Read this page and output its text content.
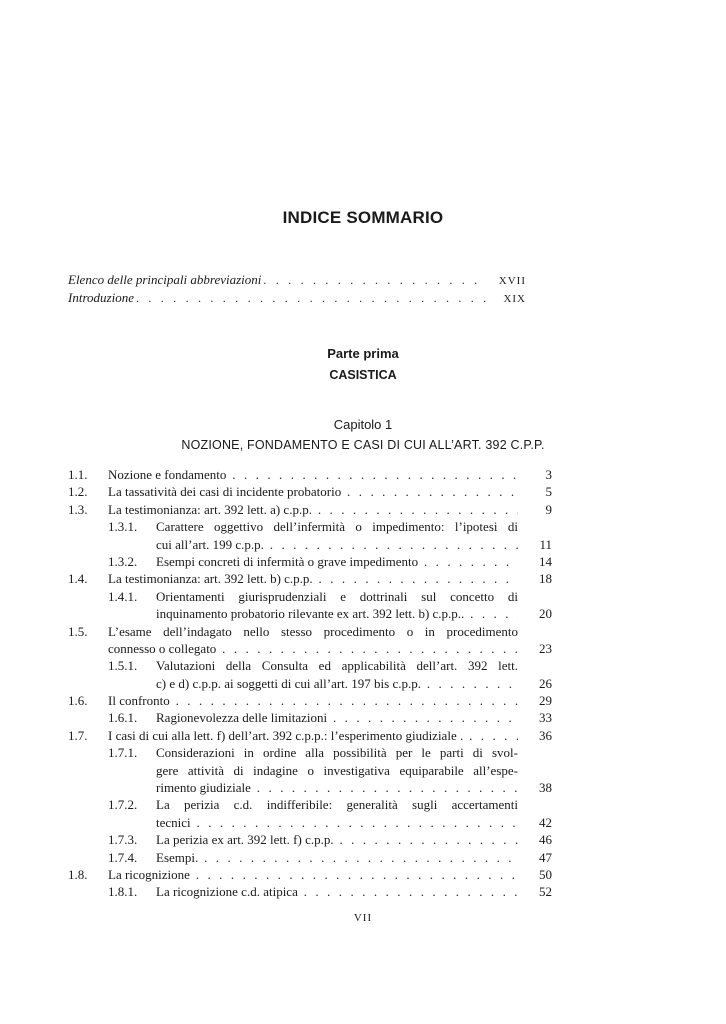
INDICE SOMMARIO
Elenco delle principali abbreviazioni . . .	XVII
Introduzione . . .	XIX
Parte prima
CASISTICA
Capitolo 1
NOZIONE, FONDAMENTO E CASI DI CUI ALL’ART. 392 C.P.P.
1.1. Nozione e fondamento . . .	3
1.2. La tassatività dei casi di incidente probatorio . . .	5
1.3. La testimonianza: art. 392 lett. a) c.p.p. . . .	9
1.3.1. Carattere oggettivo dell’infermità o impedimento: l’ipotesi di
cui all’art. 199 c.p.p. . . .	11
1.3.2. Esempi concreti di infermità o grave impedimento . . .	14
1.4. La testimonianza: art. 392 lett. b) c.p.p. . . .	18
1.4.1. Orientamenti giurisprudenziali e dottrinali sul concetto di
inquinamento probatorio rilevante ex art. 392 lett. b) c.p.p.. . . .	20
1.5. L’esame dell’indagato nello stesso procedimento o in procedimento
connesso o collegato . . .	23
1.5.1. Valutazioni della Consulta ed applicabilità dell’art. 392 lett.
c) e d) c.p.p. ai soggetti di cui all’art. 197 bis c.p.p. . . .	26
1.6. Il confronto . . .	29
1.6.1. Ragionevolezza delle limitazioni . . .	33
1.7. I casi di cui alla lett. f) dell’art. 392 c.p.p.: l’esperimento giudiziale . . . .	36
1.7.1. Considerazioni in ordine alla possibilità per le parti di svol-
gere attività di indagine o investigativa equiparabile all’espe-
rimento giudiziale . . .	38
1.7.2. La perizia c.d. indifferibile: generalità sugli accertamenti
tecnici . . .	42
1.7.3. La perizia ex art. 392 lett. f) c.p.p. . . .	46
1.7.4. Esempi. . . .	47
1.8. La ricognizione . . .	50
1.8.1. La ricognizione c.d. atipica . . .	52
VII
